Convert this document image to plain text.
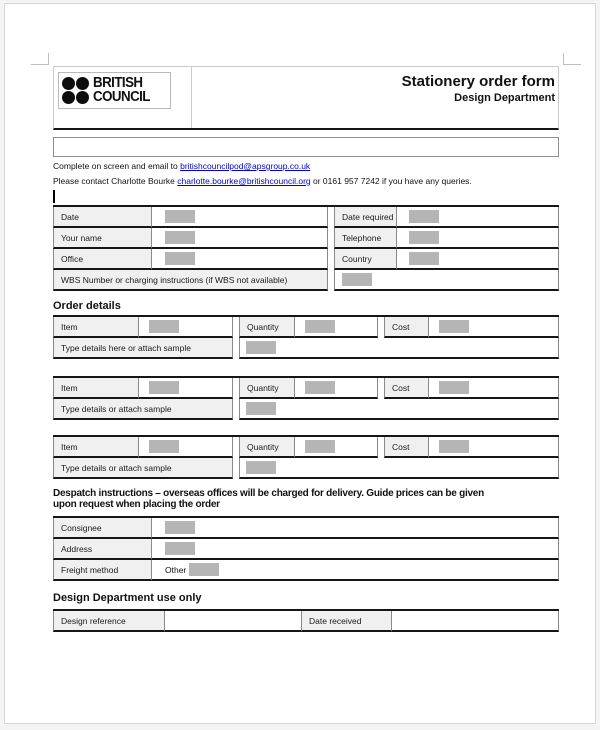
BRITISH
COUNCIL
Stationery order form
Design Department
Complete on screen and email to britishcouncilpod@apsgroup.co.uk
Please contact Charlotte Bourke charlotte.bourke@britishcouncil.org or 0161 957 7242 if you have any queries.
Date	Date required
Your name	Telephone
Office	Country
WBS Number or charging instructions (if WBS not available)
Order details
Item	Quantity	Cost
Type details here or attach sample
Item	Quantity	Cost
Type details or attach sample
Item	Quantity	Cost
Type details or attach sample
Despatch instructions – overseas offices will be charged for delivery. Guide prices can be given
upon request when placing the order
Consignee
Address
Freight method	Other
Design Department use only
Design reference	Date received
